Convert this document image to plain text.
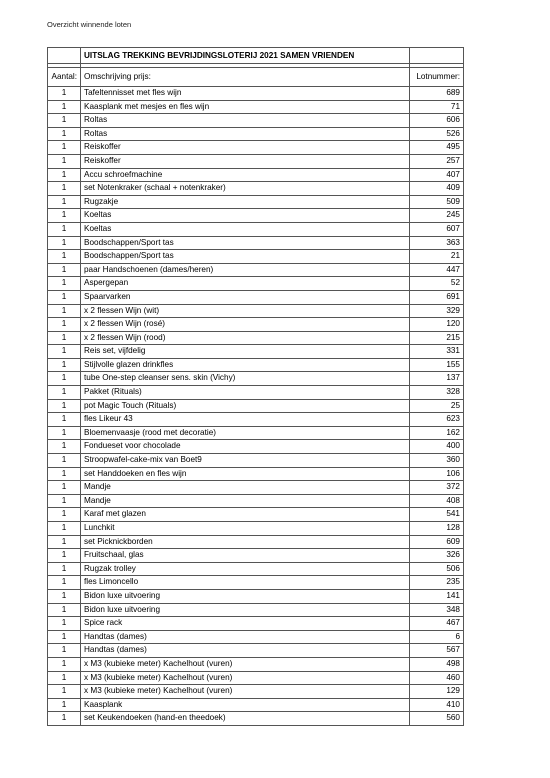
Overzicht winnende loten
	UITSLAG TREKKING BEVRIJDINGSLOTERIJ 2021 SAMEN VRIENDEN	

Aantal:	Omschrijving prijs:	Lotnummer:
1	Tafeltennisset met fles wijn	689
1	Kaasplank met mesjes en fles wijn	71
1	Roltas	606
1	Roltas	526
1	Reiskoffer	495
1	Reiskoffer	257
1	Accu schroefmachine	407
1	set Notenkraker (schaal + notenkraker)	409
1	Rugzakje	509
1	Koeltas	245
1	Koeltas	607
1	Boodschappen/Sport tas	363
1	Boodschappen/Sport tas	21
1	paar Handschoenen (dames/heren)	447
1	Aspergepan	52
1	Spaarvarken	691
1	x 2 flessen Wijn (wit)	329
1	x 2 flessen Wijn (rosé)	120
1	x 2 flessen Wijn (rood)	215
1	Reis set, vijfdelig	331
1	Stijlvolle glazen drinkfles	155
1	tube One-step cleanser sens. skin (Vichy)	137
1	Pakket (Rituals)	328
1	pot Magic Touch (Rituals)	25
1	fles Likeur 43	623
1	Bloemenvaasje (rood met decoratie)	162
1	Fondueset voor chocolade	400
1	Stroopwafel-cake-mix van Boet9	360
1	set Handdoeken en fles wijn	106
1	Mandje	372
1	Mandje	408
1	Karaf met glazen	541
1	Lunchkit	128
1	set Picknickborden	609
1	Fruitschaal, glas	326
1	Rugzak trolley	506
1	fles Limoncello	235
1	Bidon luxe uitvoering	141
1	Bidon luxe uitvoering	348
1	Spice rack	467
1	Handtas (dames)	6
1	Handtas (dames)	567
1	x M3 (kubieke meter) Kachelhout (vuren)	498
1	x M3 (kubieke meter) Kachelhout (vuren)	460
1	x M3 (kubieke meter) Kachelhout (vuren)	129
1	Kaasplank	410
1	set Keukendoeken (hand-en theedoek)	560
